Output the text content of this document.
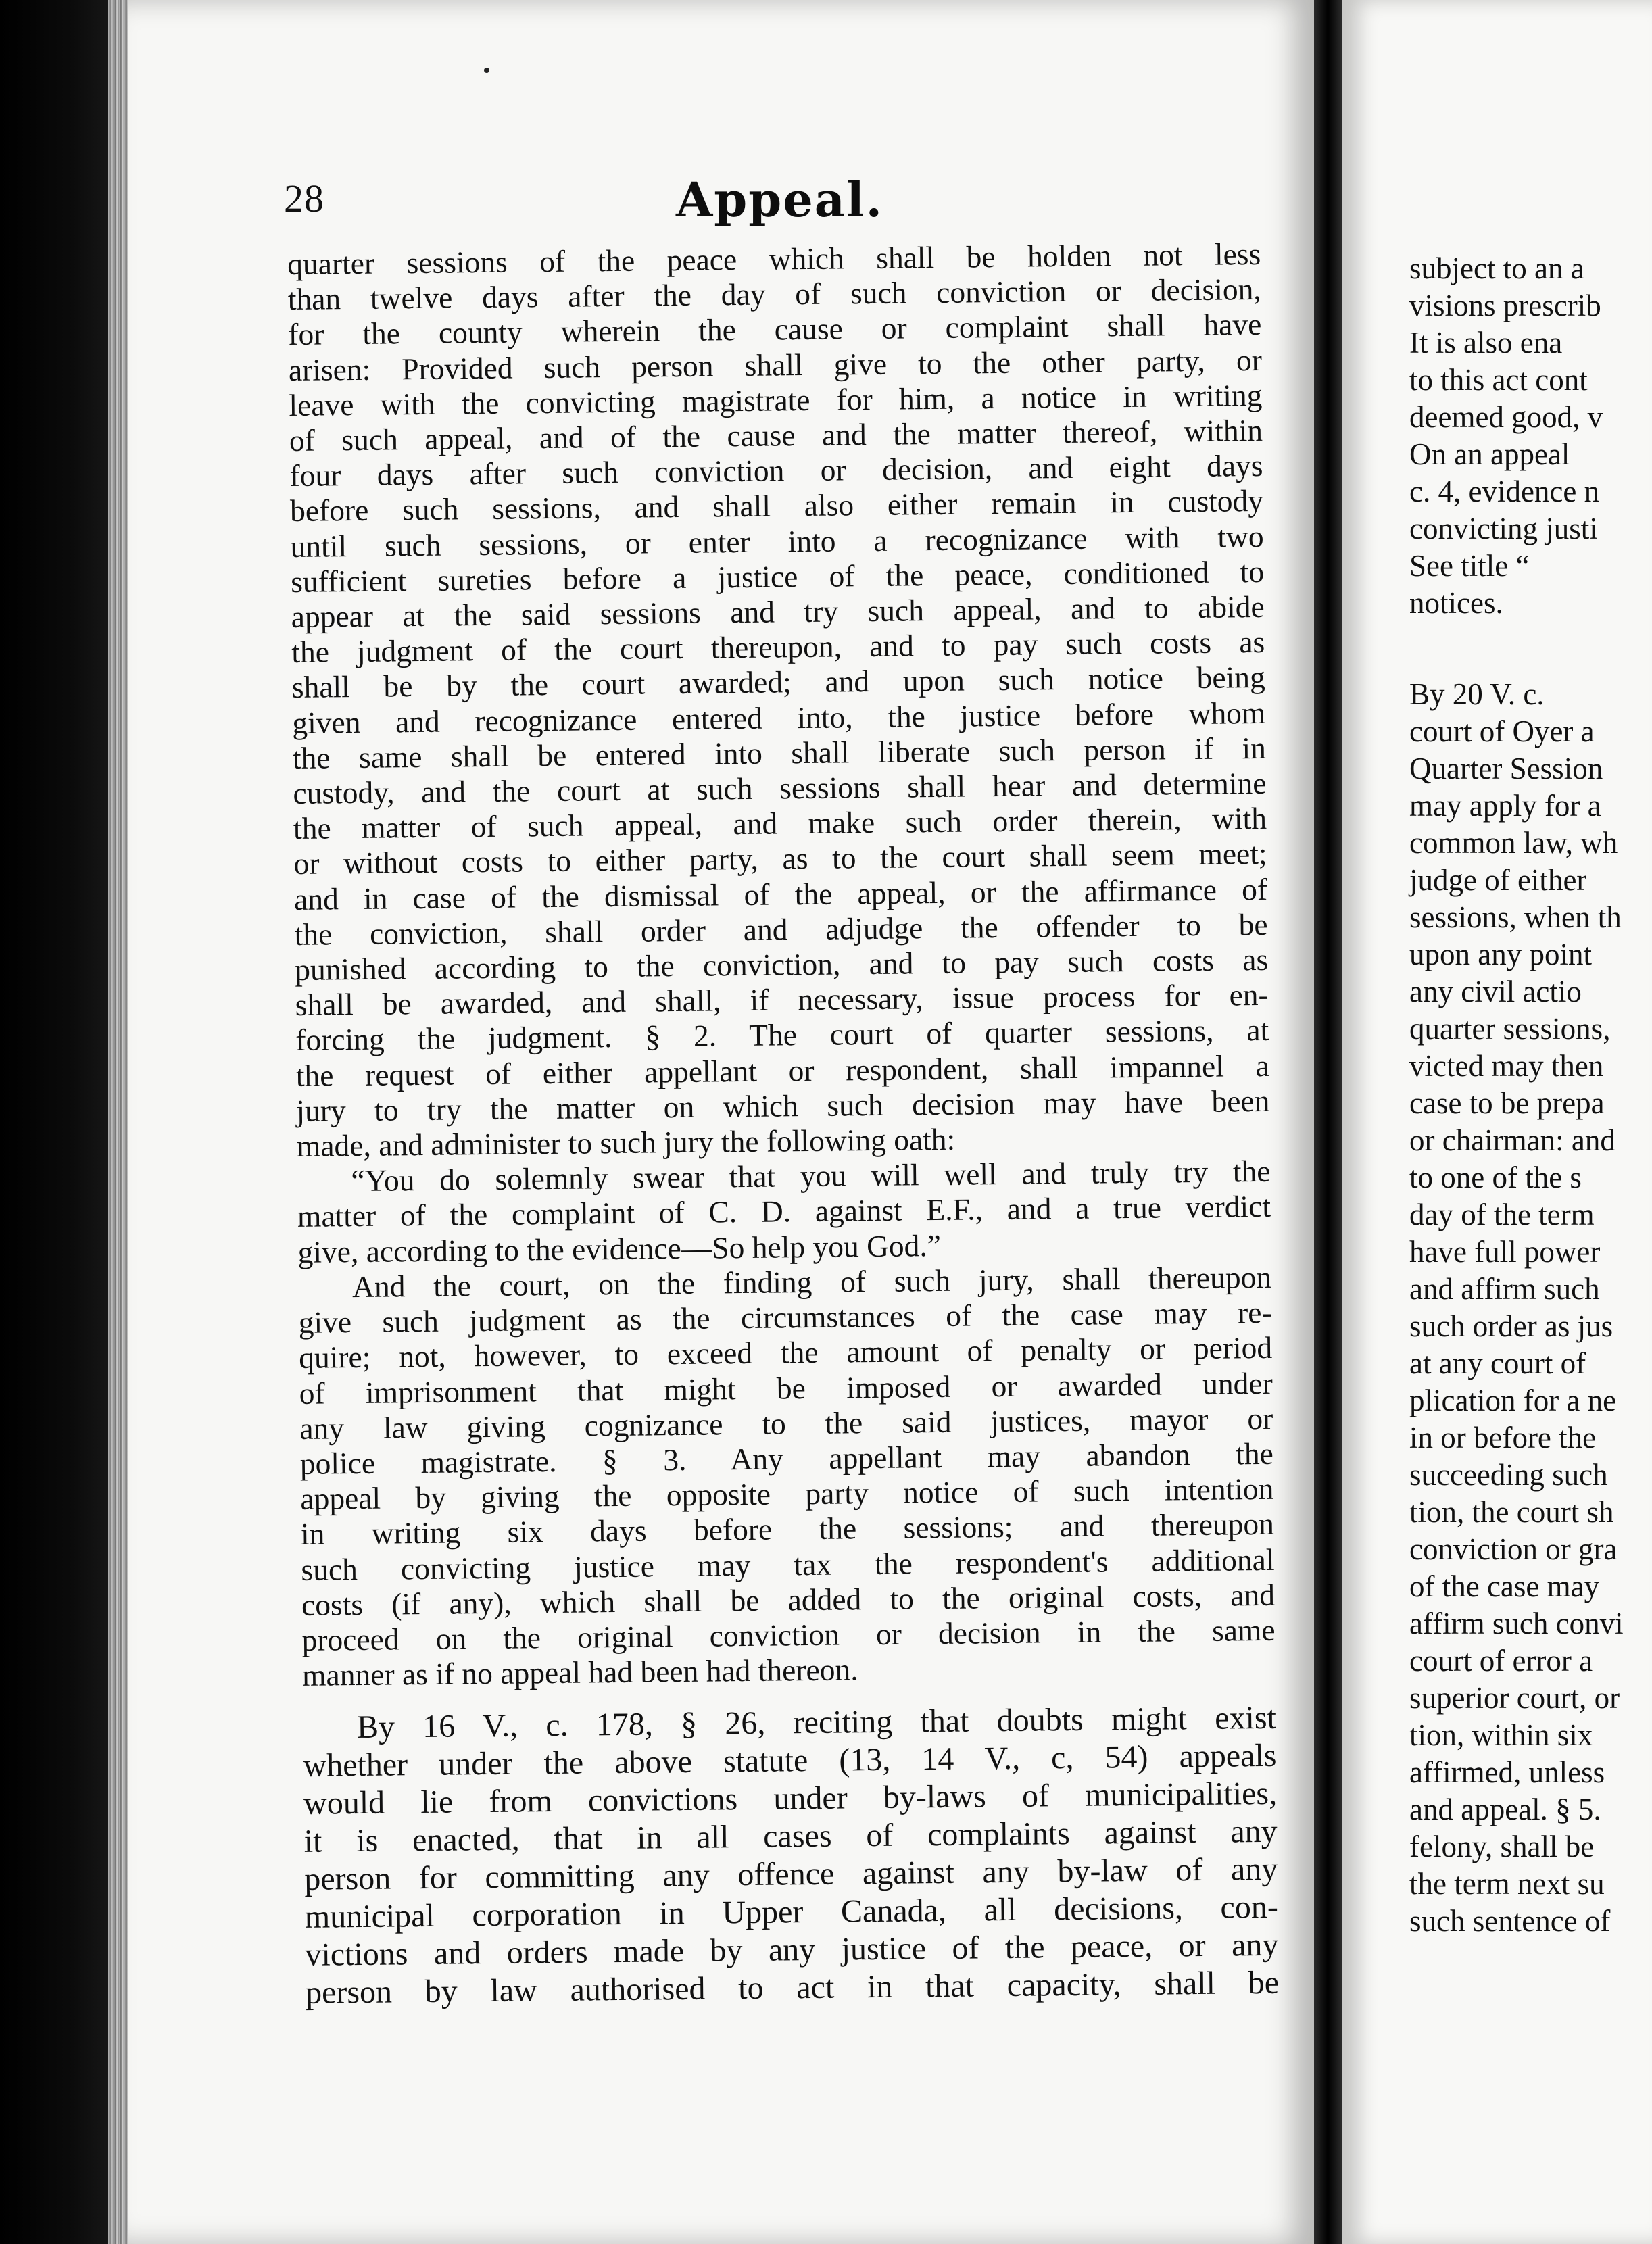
28	Appeal.
quarter sessions of the peace which shall be holden not less
than twelve days after the day of such conviction or decision,
for the county wherein the cause or complaint shall have
arisen: Provided such person shall give to the other party, or
leave with the convicting magistrate for him, a notice in writing
of such appeal, and of the cause and the matter thereof, within
four days after such conviction or decision, and eight days
before such sessions, and shall also either remain in custody
until such sessions, or enter into a recognizance with two
sufficient sureties before a justice of the peace, conditioned to
appear at the said sessions and try such appeal, and to abide
the judgment of the court thereupon, and to pay such costs as
shall be by the court awarded; and upon such notice being
given and recognizance entered into, the justice before whom
the same shall be entered into shall liberate such person if in
custody, and the court at such sessions shall hear and determine
the matter of such appeal, and make such order therein, with
or without costs to either party, as to the court shall seem meet;
and in case of the dismissal of the appeal, or the affirmance of
the conviction, shall order and adjudge the offender to be
punished according to the conviction, and to pay such costs as
shall be awarded, and shall, if necessary, issue process for en-
forcing the judgment. § 2. The court of quarter sessions, at
the request of either appellant or respondent, shall impannel a
jury to try the matter on which such decision may have been
made, and administer to such jury the following oath:
“You do solemnly swear that you will well and truly try the
matter of the complaint of C. D. against E.F., and a true verdict
give, according to the evidence—So help you God.”
And the court, on the finding of such jury, shall thereupon
give such judgment as the circumstances of the case may re-
quire; not, however, to exceed the amount of penalty or period
of imprisonment that might be imposed or awarded under
any law giving cognizance to the said justices, mayor or
police magistrate. § 3. Any appellant may abandon the
appeal by giving the opposite party notice of such intention
in writing six days before the sessions; and thereupon
such convicting justice may tax the respondent's additional
costs (if any), which shall be added to the original costs, and
proceed on the original conviction or decision in the same
manner as if no appeal had been had thereon.
By 16 V., c. 178, § 26, reciting that doubts might exist
whether under the above statute (13, 14 V., c, 54) appeals
would lie from convictions under by-laws of municipalities,
it is enacted, that in all cases of complaints against any
person for committing any offence against any by-law of any
municipal corporation in Upper Canada, all decisions, con-
victions and orders made by any justice of the peace, or any
person by law authorised to act in that capacity, shall be
subject to an a
visions prescrib
It is also ena
to this act cont
deemed good, v
On an appeal
c. 4, evidence n
convicting justi
See title “
notices.
By 20 V. c.
court of Oyer a
Quarter Session
may apply for a
common law, wh
judge of either
sessions, when th
upon any point
any civil actio
quarter sessions,
victed may then
case to be prepa
or chairman: and
to one of the s
day of the term
have full power
and affirm such
such order as jus
at any court of
plication for a ne
in or before the
succeeding such
tion, the court sh
conviction or gra
of the case may
affirm such convi
court of error a
superior court, or
tion, within six
affirmed, unless
and appeal. § 5.
felony, shall be
the term next su
such sentence of
